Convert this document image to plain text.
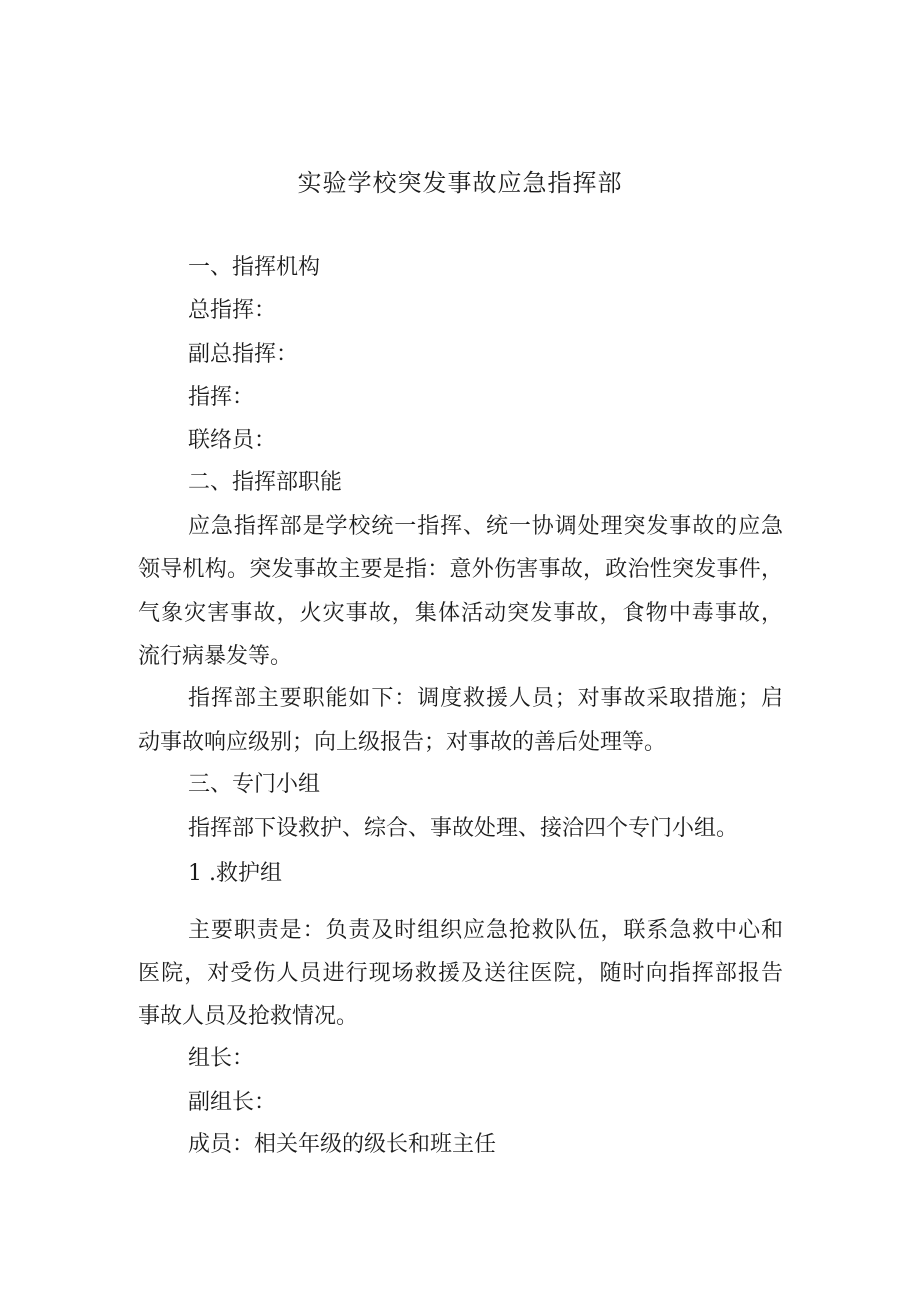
实验学校突发事故应急指挥部
一、指挥机构
总指挥：
副总指挥：
指挥：
联络员：
二、指挥部职能
应急指挥部是学校统一指挥、统一协调处理突发事故的应急
领导机构。突发事故主要是指：意外伤害事故，政治性突发事件，
气象灾害事故，火灾事故，集体活动突发事故，食物中毒事故，
流行病暴发等。
指挥部主要职能如下：调度救援人员；对事故采取措施；启
动事故响应级别；向上级报告；对事故的善后处理等。
三、专门小组
指挥部下设救护、综合、事故处理、接洽四个专门小组。
1 .救护组
主要职责是：负责及时组织应急抢救队伍，联系急救中心和
医院，对受伤人员进行现场救援及送往医院，随时向指挥部报告
事故人员及抢救情况。
组长：
副组长：
成员：相关年级的级长和班主任
